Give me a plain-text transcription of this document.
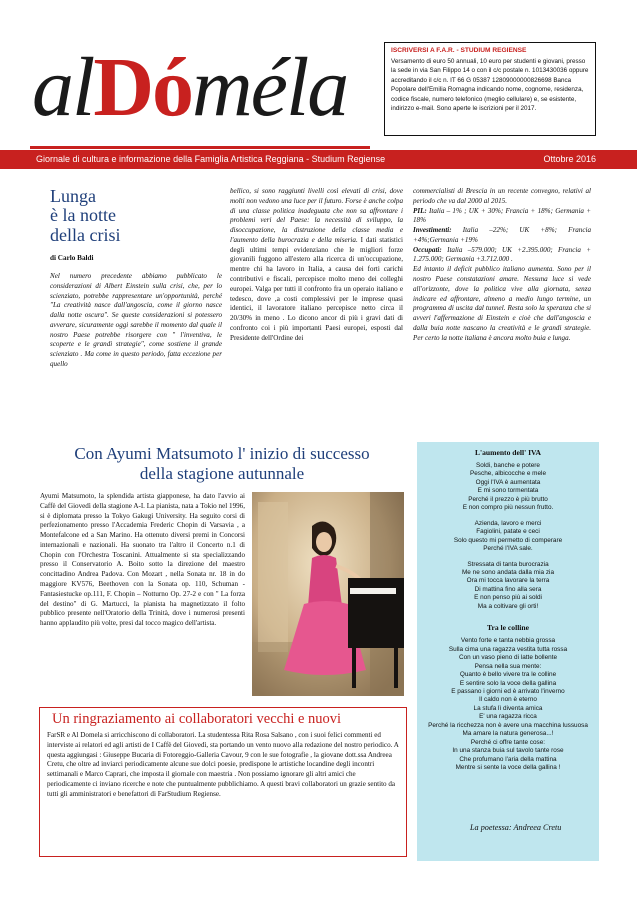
alDóméla	ISCRIVERSI A F.A.R. - STUDIUM REGIENSE
Versamento di euro 50 annuali, 10 euro per studenti e giovani, presso la sede in via San Filippo 14 o con il c/c postale n. 1013430036 oppure accreditando il c/c n. IT 66 G 05387 12809000000826698 Banca Popolare dell'Emilia Romagna indicando nome, cognome, residenza, codice fiscale, numero telefonico (meglio cellulare) e, se esistente, indirizzo e-mail. Sono aperte le iscrizioni per il 2017.
Giornale di cultura e informazione della Famiglia Artistica Reggiana - Studium Regiense	Ottobre 2016
Lunga
è la notte
della crisi
di Carlo Baldi
Nel numero precedente abbiamo pubblicato le considerazioni di Albert Einstein sulla crisi, che, per lo scienziato, potrebbe rappresentare un'opportunità, perché "La creatività nasce dall'angoscia, come il giorno nasce dalla notte oscura". Se queste considerazioni si potessero avverare, sicuramente oggi sarebbe il momento dal quale il nostro Paese potrebbe risorgere con " l'inventiva, le scoperte e le grandi strategie", come sostiene il grande scienziato . Ma come in questo periodo, fatta eccezione per quello
bellico, si sono raggiunti livelli così elevati di crisi, dove molti non vedono una luce per il futuro. Forse è anche colpa di una classe politica inadeguata che non sa affrontare i problemi veri del Paese: la necessità di sviluppo, la disoccupazione, la distruzione della classe media e l'aumento della burocrazia e della miseria. I dati statistici degli ultimi tempi evidenziano che le migliori forze giovanili fuggono all'estero alla ricerca di un'occupazione, mentre chi ha lavoro in Italia, a causa dei forti carichi contributivi e fiscali, percepisce molto meno dei colleghi europei. Valga per tutti il confronto fra un operaio italiano e tedesco, dove ,a costi complessivi per le imprese quasi identici, il lavoratore italiano percepisce netto circa il 20/30% in meno . Lo dicono ancor di più i gravi dati di confronto coi i più importanti Paesi europei, esposti dal Presidente dell'Ordine dei
commercialisti di Brescia in un recente convegno, relativi al periodo che va dal 2000 al 2015.
PIL: Italia – 1% ; UK + 30%; Francia + 18%; Germania + 18%
Investimenti: Italia –22%; UK +8%; Francia +4%;Germania +19%
Occupati: Italia –579.000; UK +2.395.000; Francia + 1.275.000; Germania +3.712.000 .
Ed intanto il deficit pubblico italiano aumenta. Sono per il nostro Paese constatazioni amare. Nessuna luce si vede all'orizzonte, dove la politica vive alla giornata, senza indicare ed affrontare, almeno a medio lungo termine, un programma di uscita dal tunnel. Resta solo la speranza che si avveri l'affermazione di Einstein e cioè che dall'angoscia e dalla buia notte nascano la creatività e le grandi strategie. Per certo la notte italiana è ancora molto buia e lunga.
Con Ayumi Matsumoto l' inizio di successo
della stagione autunnale
Ayumi Matsumoto, la splendida artista giapponese, ha dato l'avvio ai Caffè del Giovedì della stagione A-I. La pianista, nata a Tokio nel 1996, si è diplomata presso la Tokyo Gakugi University. Ha seguito corsi di perfezionamento presso l'Accademia Frederic Chopin di Varsavia , a Montefalcone ed a San Marino. Ha ottenuto diversi premi in Concorsi internazionali e nazionali. Ha suonato tra l'altro il Concerto n.1 di Chopin con l'Orchestra Toscanini. Attualmente si sta specializzando presso il Conservatorio A. Boito sotto la direzione del maestro concittadino Andrea Padova. Con Mozart , nella Sonata nr. 18 in do maggiore KV576, Beethoven con la Sonata op. 110, Schuman - Fantasiestucke op.111, F. Chopin – Notturno Op. 27-2 e con " La forza del destino" di G. Martucci, la pianista ha magnetizzato il folto pubblico presente nell'Oratorio della Trinità, dove i numerosi presenti hanno applaudito più volte, presi dal tocco magico dell'artista.
Un ringraziamento ai collaboratori vecchi e nuovi
FarSR e Al Domela si arricchiscono di collaboratori. La studentessa Rita Rosa Salsano , con i suoi felici commenti ed interviste ai relatori ed agli artisti de I Caffè del Giovedì, sta portando un vento nuovo alla redazione del nostro periodico. A questa aggiungasi : Giuseppe Bucaria di Fotoreggio-Galleria Cavour, 9 con le sue fotografie , la giovane dott.ssa Andreea Cretu, che oltre ad inviarci periodicamente alcune sue dolci poesie, predispone le artistiche locandine degli incontri settimanali e Marco Caprari, che imposta il giornale con maestria . Non possiamo ignorare gli altri amici che periodicamente ci inviano ricerche e note che puntualmente pubblichiamo. A questi bravi collaboratori un grazie sentito da tutti gli amministratori e benefattori di FarStudium Regiense.
L'aumento dell' IVA
Soldi, banche e potere
Pesche, albicocche e mele
Oggi l'IVA è aumentata
E mi sono tormentata
Perché il prezzo è più brutto
E non compro più nessun frutto.
Azienda, lavoro e merci
Fagiolini, patate e ceci
Solo questo mi permetto di comperare
Perché l'IVA sale.
Stressata di tanta burocrazia
Me ne sono andata dalla mia zia
Ora mi tocca lavorare la terra
Di mattina fino alla sera
E non penso più ai soldi
Ma a coltivare gli orti!
Tra le colline
Vento forte e tanta nebbia grossa
Sulla cima una ragazza vestita tutta rossa
Con un vaso pieno di latte bollente
Pensa nella sua mente:
Quanto è bello vivere tra le colline
E sentire solo la voce della gallina
E passano i giorni ed è arrivato l'inverno
Il caldo non è eterno
La stufa lì diventa amica
E' una ragazza ricca
Perché la ricchezza non è avere una macchina lussuosa
Ma amare la natura generosa...!
Perché ci offre tante cose:
In una stanza buia sul tavolo tante rose
Che profumano l'aria della mattina
Mentre si sente la voce della gallina !
La poetessa: Andreea Cretu
